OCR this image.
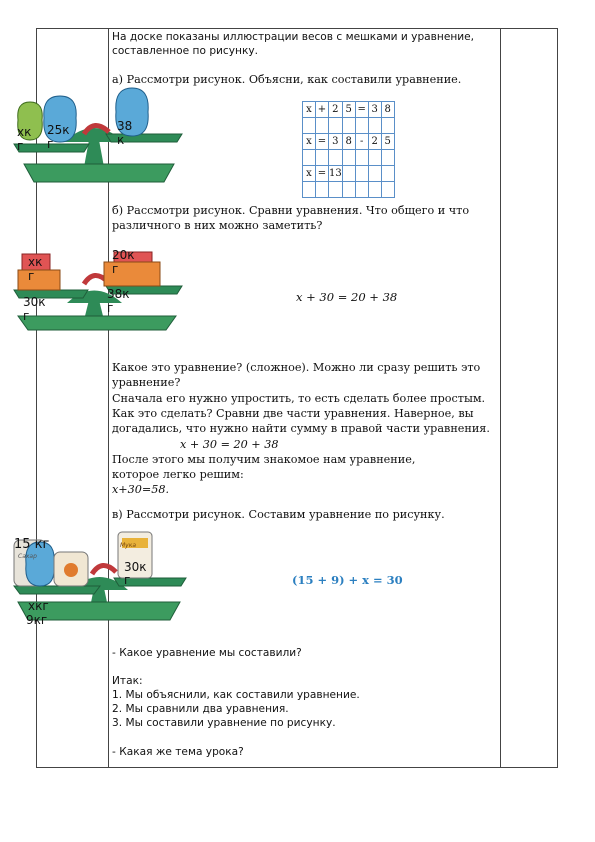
На доске показаны иллюстрации весов с мешками и уравнение,
составленное по рисунку.
а) Рассмотри рисунок. Объясни, как составили уравнение.
x	+	2	5	=	3	8

x	=	3	8	-	2	5

x	=	13				

хк
г
25к
г
38
к
б) Рассмотри рисунок. Сравни уравнения. Что общего и что
различного в них можно заметить?
хк
г
30к
г
20к
г
38к
г
x + 30 = 20 + 38
Какое это уравнение? (сложное). Можно ли сразу решить это
уравнение?
Сначала его нужно упростить, то есть сделать более простым.
Как это сделать? Сравни две части уравнения. Наверное, вы
догадались, что нужно найти сумму в правой части уравнения.
x + 30 = 20 + 38
После этого мы получим знакомое нам уравнение,
которое легко решим:
x+30=58.
в) Рассмотри рисунок. Составим уравнение по рисунку.
15 кг
Сахар
Мука
хкг
9кг
30к
г	(15 + 9) + x = 30
- Какое уравнение мы составили?
Итак:
1. Мы объяснили, как составили уравнение.
2. Мы сравнили два уравнения.
3. Мы составили уравнение по рисунку.
- Какая же тема урока?
